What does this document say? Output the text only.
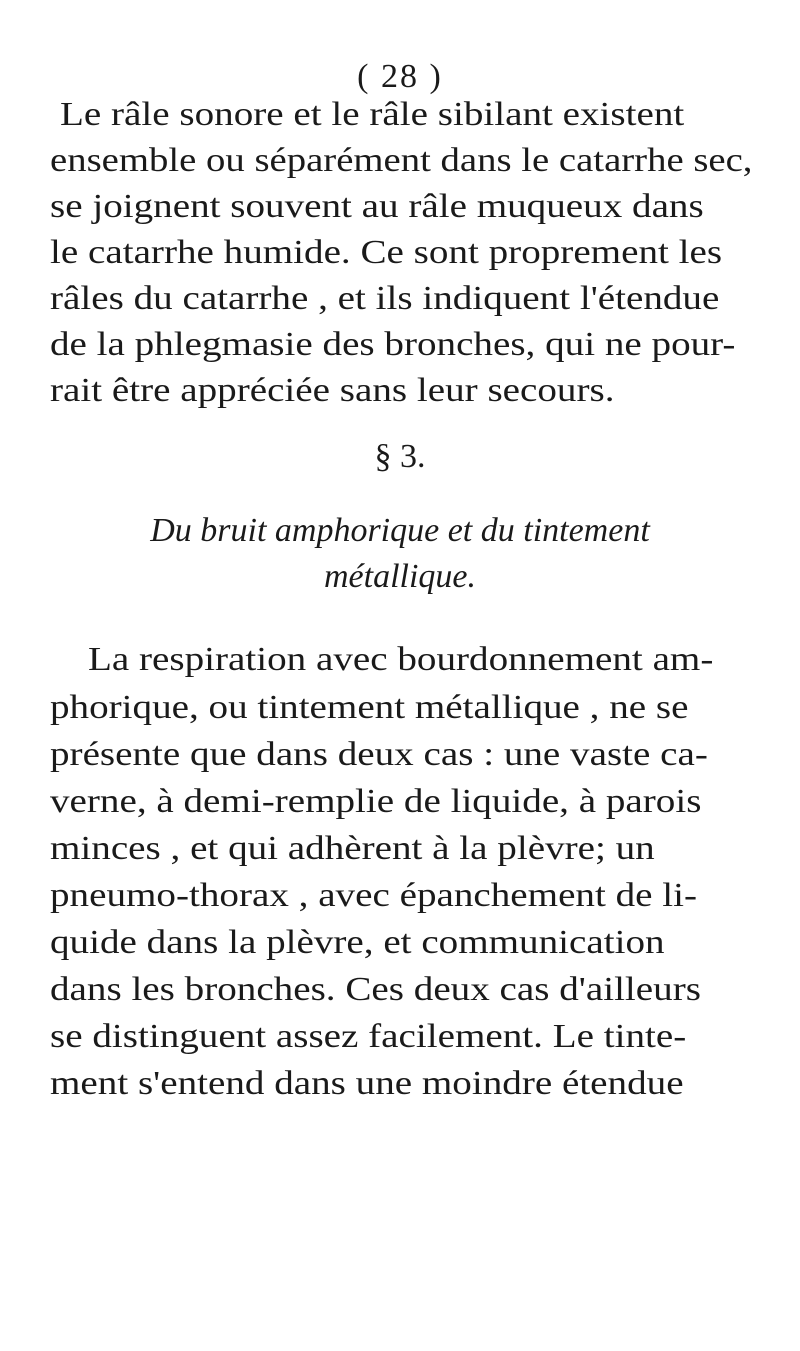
( 28 )
Le râle sonore et le râle sibilant existent
ensemble ou séparément dans le catarrhe sec,
se joignent souvent au râle muqueux dans
le catarrhe humide. Ce sont proprement les
râles du catarrhe , et ils indiquent l'étendue
de la phlegmasie des bronches, qui ne pour-
rait être appréciée sans leur secours.
§ 3.
Du bruit amphorique et du tintement
métallique.
La respiration avec bourdonnement am-
phorique, ou tintement métallique , ne se
présente que dans deux cas : une vaste ca-
verne, à demi-remplie de liquide, à parois
minces , et qui adhèrent à la plèvre; un
pneumo-thorax , avec épanchement de li-
quide dans la plèvre, et communication
dans les bronches. Ces deux cas d'ailleurs
se distinguent assez facilement. Le tinte-
ment s'entend dans une moindre étendue
